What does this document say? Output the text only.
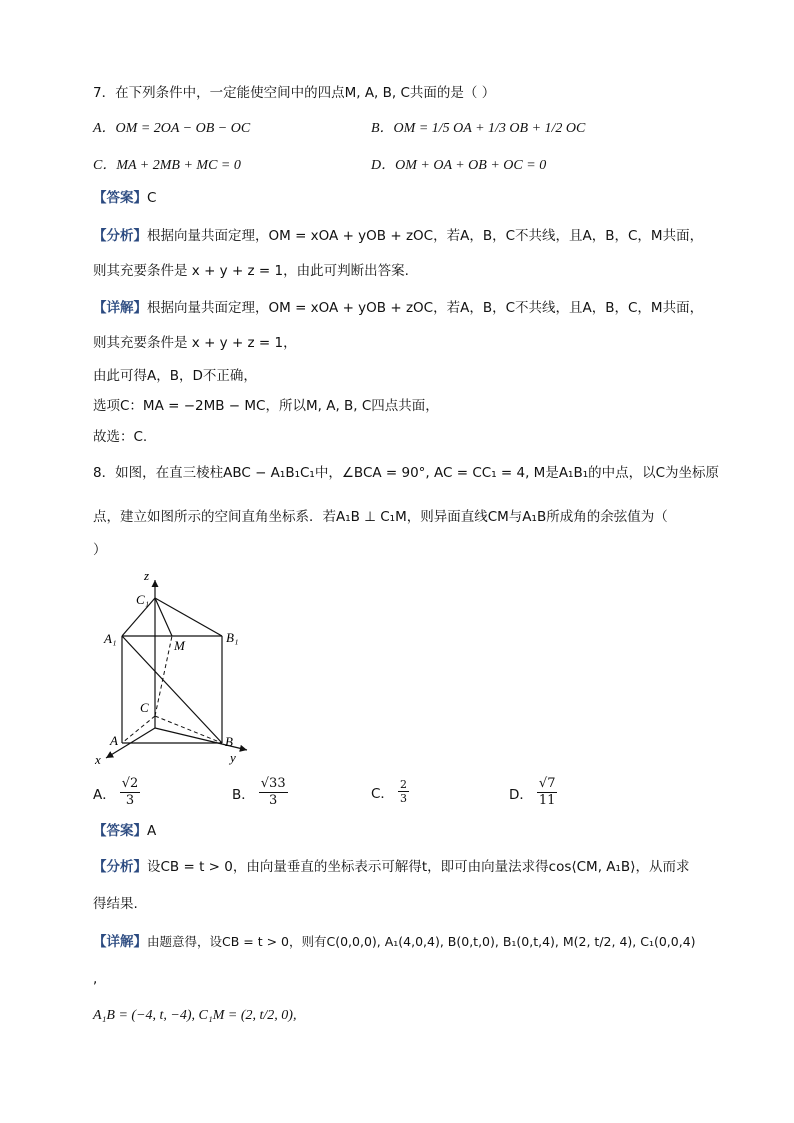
7．在下列条件中，一定能使空间中的四点M, A, B, C共面的是（ ）
A．OM = 2OA − OB − OC	B．OM = 1/5 OA + 1/3 OB + 1/2 OC
C．MA + 2MB + MC = 0	D．OM + OA + OB + OC = 0
【答案】C
【分析】根据向量共面定理，OM = xOA + yOB + zOC，若A，B，C不共线，且A，B，C，M共面，
则其充要条件是 x + y + z = 1，由此可判断出答案.
【详解】根据向量共面定理，OM = xOA + yOB + zOC，若A，B，C不共线，且A，B，C，M共面，
则其充要条件是 x + y + z = 1，
由此可得A，B，D不正确，
选项C：MA = −2MB − MC，所以M, A, B, C四点共面，
故选：C.
8．如图，在直三棱柱ABC − A₁B₁C₁中，∠BCA = 90°, AC = CC₁ = 4, M是A₁B₁的中点，以C为坐标原
点，建立如图所示的空间直角坐标系．若A₁B ⊥ C₁M，则异面直线CM与A₁B所成角的余弦值为（
）
z
C₁
A₁	B₁
M
C
A	B
x	y
A． $\frac{√2}{3}$	B． $\frac{√33}{3}$	C． $\frac{2}{3}$	D． $\frac{√7}{11}$
【答案】A
【分析】设CB = t > 0，由向量垂直的坐标表示可解得t，即可由向量法求得cos⟨CM, A₁B⟩，从而求
得结果.
【详解】由题意得，设CB = t > 0，则有C(0,0,0), A₁(4,0,4), B(0,t,0), B₁(0,t,4), M(2, t/2, 4), C₁(0,0,4)
,
A₁B = (−4, t, −4), C₁M = (2, t/2, 0),
